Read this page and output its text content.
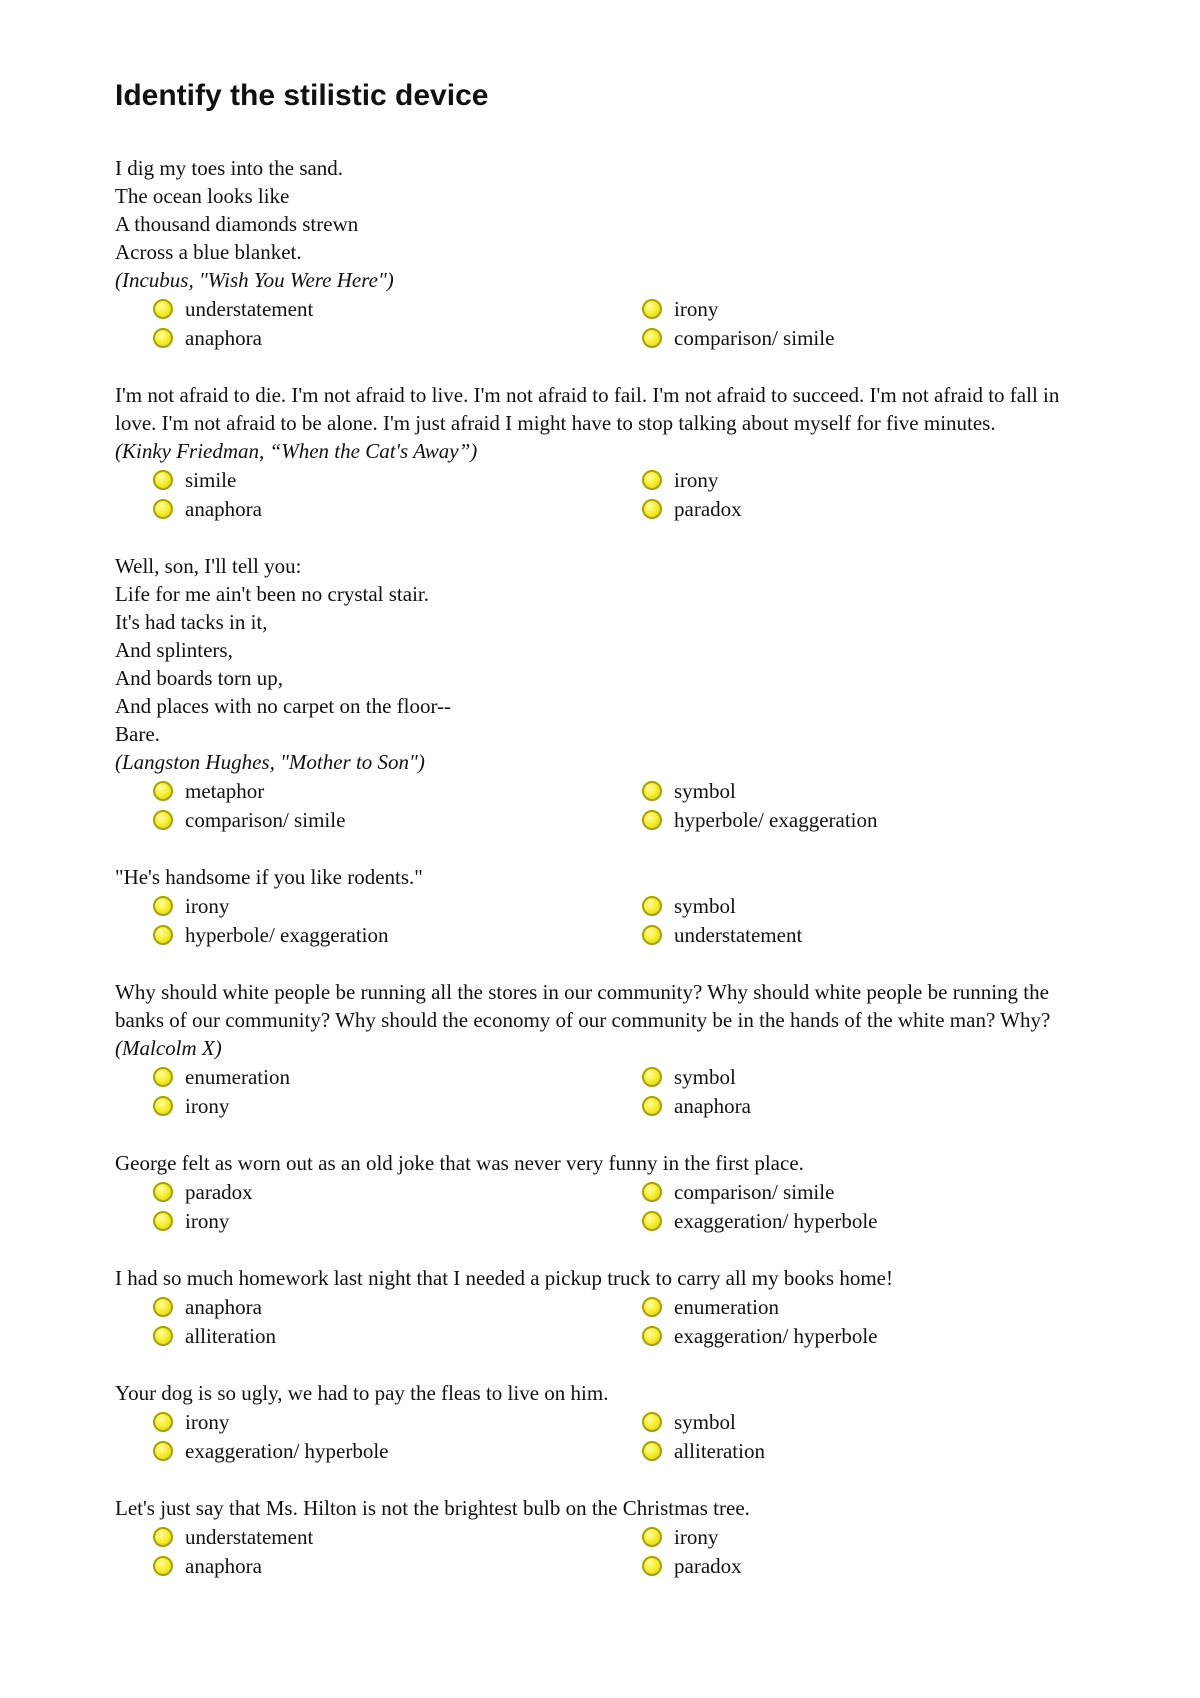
Identify the stilistic device
I dig my toes into the sand.
The ocean looks like
A thousand diamonds strewn
Across a blue blanket.
(Incubus, "Wish You Were Here")
understatement	irony
anaphora	comparison/ simile
I'm not afraid to die. I'm not afraid to live. I'm not afraid to fail. I'm not afraid to succeed. I'm not afraid to fall in love. I'm not afraid to be alone. I'm just afraid I might have to stop talking about myself for five minutes.
(Kinky Friedman, “When the Cat's Away”)
simile	irony
anaphora	paradox
Well, son, I'll tell you:
Life for me ain't been no crystal stair.
It's had tacks in it,
And splinters,
And boards torn up,
And places with no carpet on the floor--
Bare.
(Langston Hughes, "Mother to Son")
metaphor	symbol
comparison/ simile	hyperbole/ exaggeration
"He's handsome if you like rodents."
irony	symbol
hyperbole/ exaggeration	understatement
Why should white people be running all the stores in our community? Why should white people be running the banks of our community? Why should the economy of our community be in the hands of the white man? Why?
(Malcolm X)
enumeration	symbol
irony	anaphora
George felt as worn out as an old joke that was never very funny in the first place.
paradox	comparison/ simile
irony	exaggeration/ hyperbole
I had so much homework last night that I needed a pickup truck to carry all my books home!
anaphora	enumeration
alliteration	exaggeration/ hyperbole
Your dog is so ugly, we had to pay the fleas to live on him.
irony	symbol
exaggeration/ hyperbole	alliteration
Let's just say that Ms. Hilton is not the brightest bulb on the Christmas tree.
understatement	irony
anaphora	paradox
